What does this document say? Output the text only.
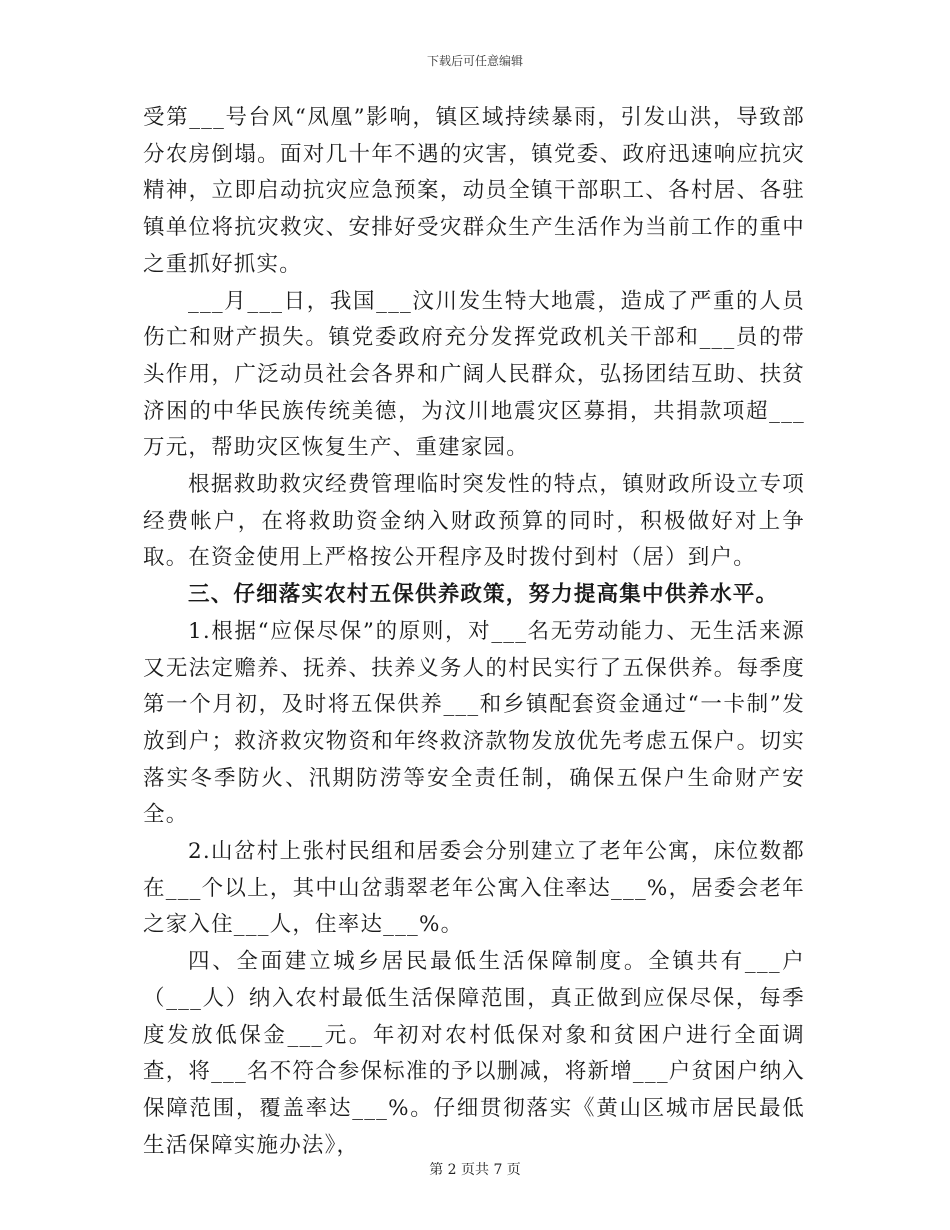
下载后可任意编辑

受第___号台风“凤凰”影响，镇区域持续暴雨，引发山洪，导致部分农房倒塌。面对几十年不遇的灾害，镇党委、政府迅速响应抗灾精神，立即启动抗灾应急预案，动员全镇干部职工、各村居、各驻镇单位将抗灾救灾、安排好受灾群众生产生活作为当前工作的重中之重抓好抓实。

___月___日，我国___汶川发生特大地震，造成了严重的人员伤亡和财产损失。镇党委政府充分发挥党政机关干部和___员的带头作用，广泛动员社会各界和广阔人民群众，弘扬团结互助、扶贫济困的中华民族传统美德，为汶川地震灾区募捐，共捐款项超___万元，帮助灾区恢复生产、重建家园。

根据救助救灾经费管理临时突发性的特点，镇财政所设立专项经费帐户，在将救助资金纳入财政预算的同时，积极做好对上争取。在资金使用上严格按公开程序及时拨付到村（居）到户。

三、仔细落实农村五保供养政策，努力提高集中供养水平。

1.根据“应保尽保”的原则，对___名无劳动能力、无生活来源又无法定赡养、抚养、扶养义务人的村民实行了五保供养。每季度第一个月初，及时将五保供养___和乡镇配套资金通过“一卡制”发放到户；救济救灾物资和年终救济款物发放优先考虑五保户。切实落实冬季防火、汛期防涝等安全责任制，确保五保户生命财产安全。

2.山岔村上张村民组和居委会分别建立了老年公寓，床位数都在___个以上，其中山岔翡翠老年公寓入住率达___%，居委会老年之家入住___人，住率达___%。

四、全面建立城乡居民最低生活保障制度。全镇共有___户（___人）纳入农村最低生活保障范围，真正做到应保尽保，每季度发放低保金___元。年初对农村低保对象和贫困户进行全面调查，将___名不符合参保标准的予以删减，将新增___户贫困户纳入保障范围，覆盖率达___%。仔细贯彻落实《黄山区城市居民最低生活保障实施办法》，

第 2 页共 7 页
